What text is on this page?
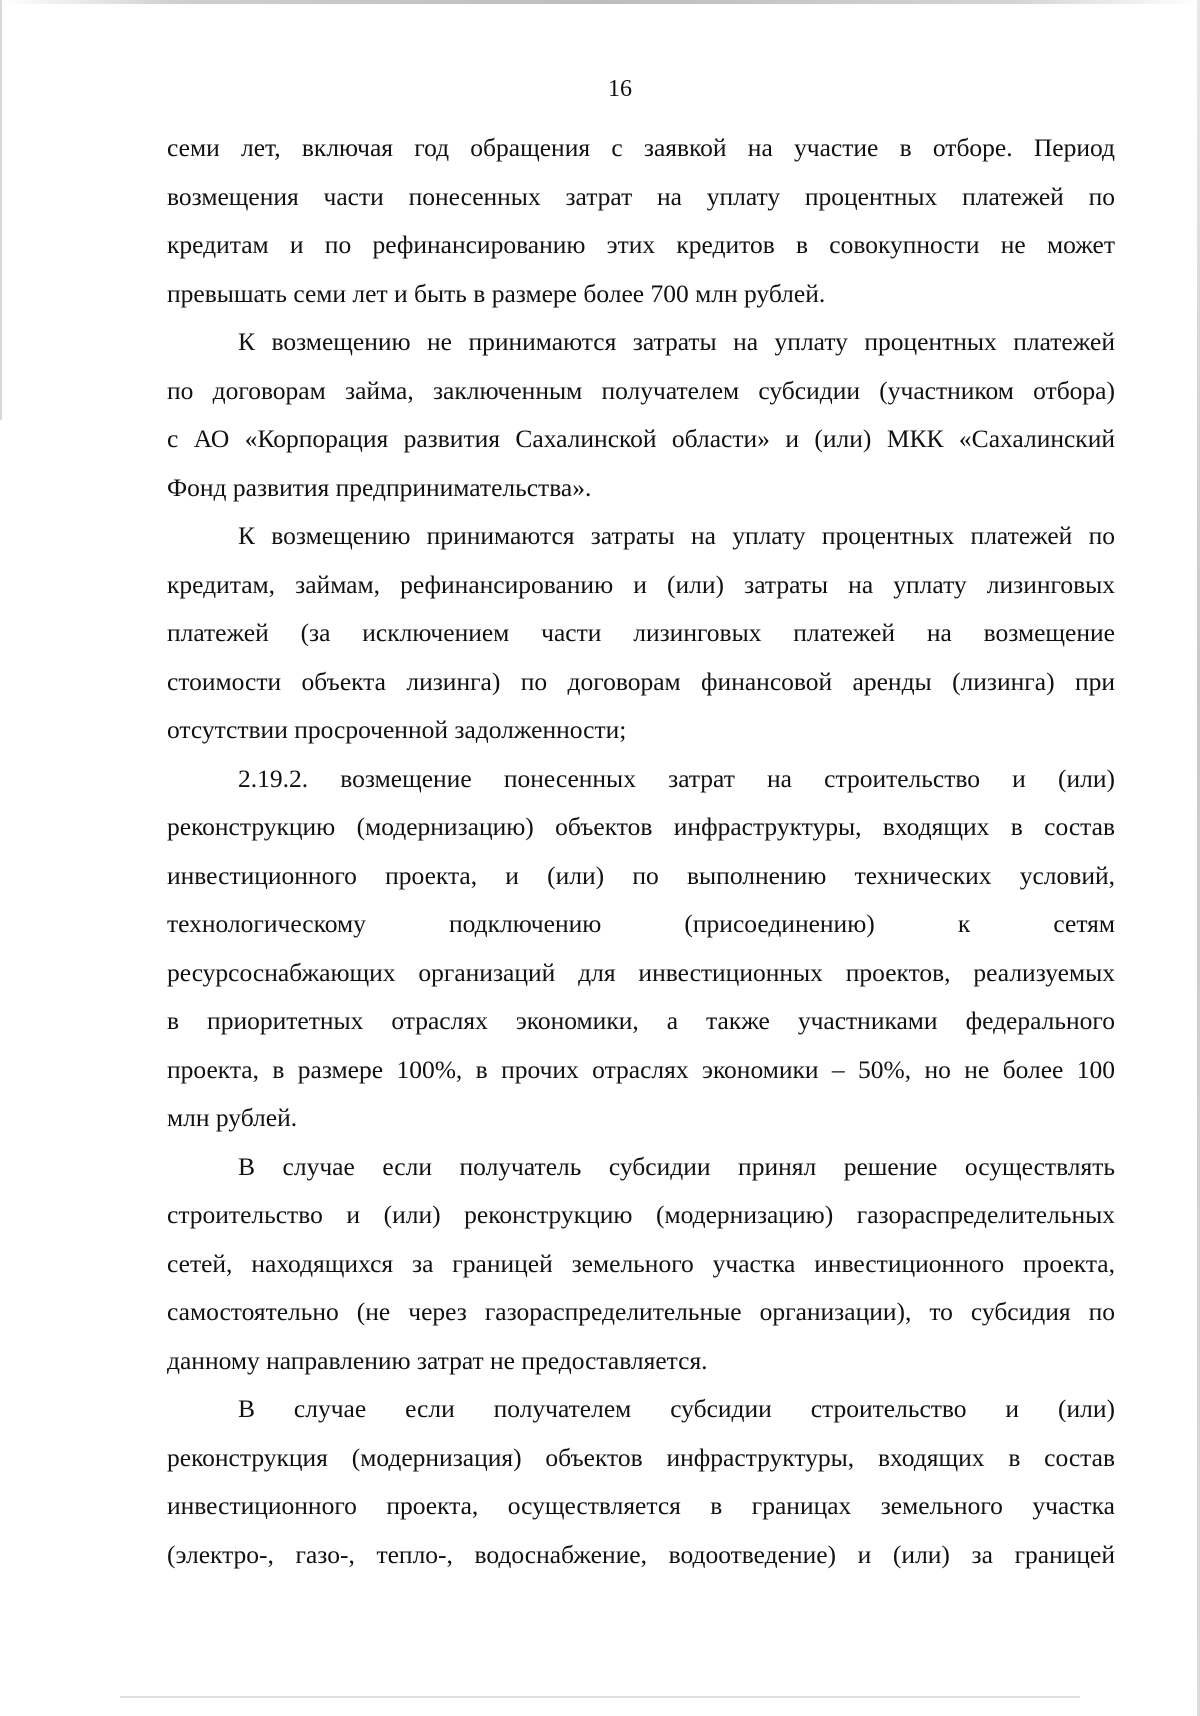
16
семи лет, включая год обращения с заявкой на участие в отборе. Период
возмещения части понесенных затрат на уплату процентных платежей по
кредитам и по рефинансированию этих кредитов в совокупности не может
превышать семи лет и быть в размере более 700 млн рублей.
К возмещению не принимаются затраты на уплату процентных платежей
по договорам займа, заключенным получателем субсидии (участником отбора)
с АО «Корпорация развития Сахалинской области» и (или) МКК «Сахалинский
Фонд развития предпринимательства».
К возмещению принимаются затраты на уплату процентных платежей по
кредитам, займам, рефинансированию и (или) затраты на уплату лизинговых
платежей (за исключением части лизинговых платежей на возмещение
стоимости объекта лизинга) по договорам финансовой аренды (лизинга) при
отсутствии просроченной задолженности;
2.19.2. возмещение понесенных затрат на строительство и (или)
реконструкцию (модернизацию) объектов инфраструктуры, входящих в состав
инвестиционного проекта, и (или) по выполнению технических условий,
технологическому подключению (присоединению) к сетям
ресурсоснабжающих организаций для инвестиционных проектов, реализуемых
в приоритетных отраслях экономики, а также участниками федерального
проекта, в размере 100%, в прочих отраслях экономики – 50%, но не более 100
млн рублей.
В случае если получатель субсидии принял решение осуществлять
строительство и (или) реконструкцию (модернизацию) газораспределительных
сетей, находящихся за границей земельного участка инвестиционного проекта,
самостоятельно (не через газораспределительные организации), то субсидия по
данному направлению затрат не предоставляется.
В случае если получателем субсидии строительство и (или)
реконструкция (модернизация) объектов инфраструктуры, входящих в состав
инвестиционного проекта, осуществляется в границах земельного участка
(электро-, газо-, тепло-, водоснабжение, водоотведение) и (или) за границей
